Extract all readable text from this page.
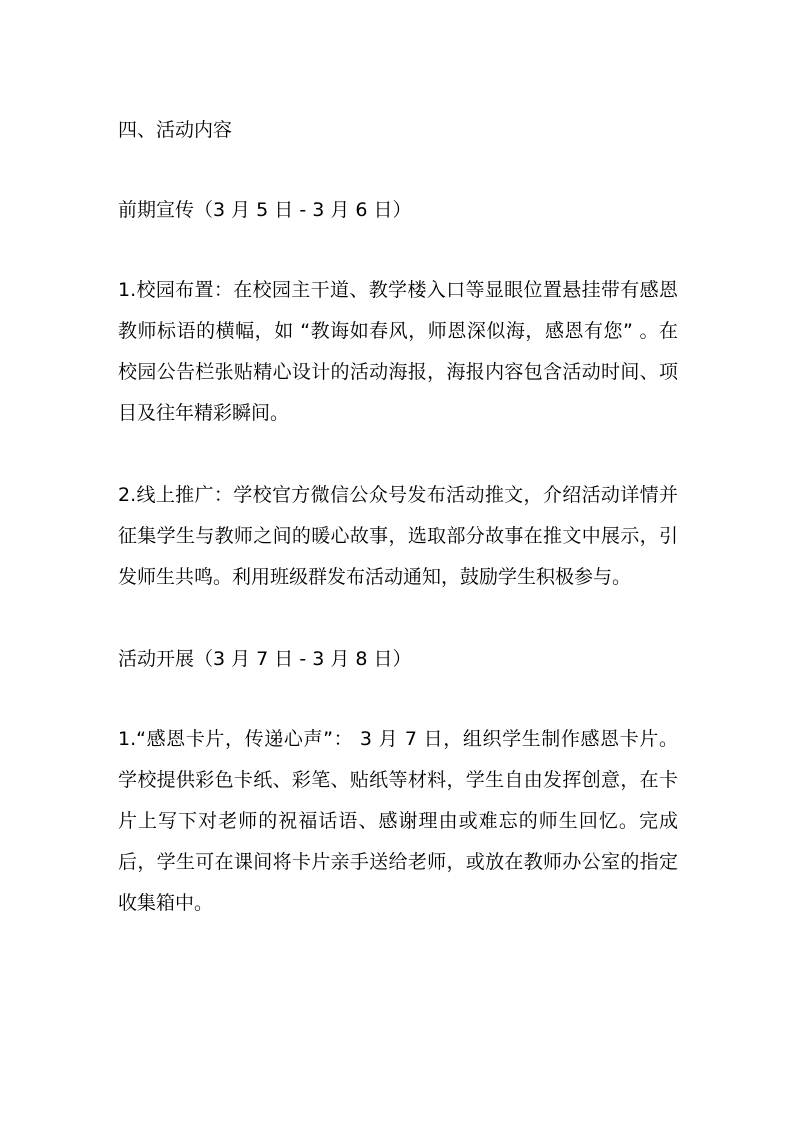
四、活动内容
前期宣传（3 月 5 日 - 3 月 6 日）
1.校园布置：在校园主干道、教学楼入口等显眼位置悬挂带有感恩教师标语的横幅，如 “教诲如春风，师恩深似海，感恩有您” 。在校园公告栏张贴精心设计的活动海报，海报内容包含活动时间、项目及往年精彩瞬间。
2.线上推广：学校官方微信公众号发布活动推文，介绍活动详情并征集学生与教师之间的暖心故事，选取部分故事在推文中展示，引发师生共鸣。利用班级群发布活动通知，鼓励学生积极参与。
活动开展（3 月 7 日 - 3 月 8 日）
1.“感恩卡片，传递心声”： 3 月 7 日，组织学生制作感恩卡片。学校提供彩色卡纸、彩笔、贴纸等材料，学生自由发挥创意，在卡片上写下对老师的祝福话语、感谢理由或难忘的师生回忆。完成后，学生可在课间将卡片亲手送给老师，或放在教师办公室的指定收集箱中。
